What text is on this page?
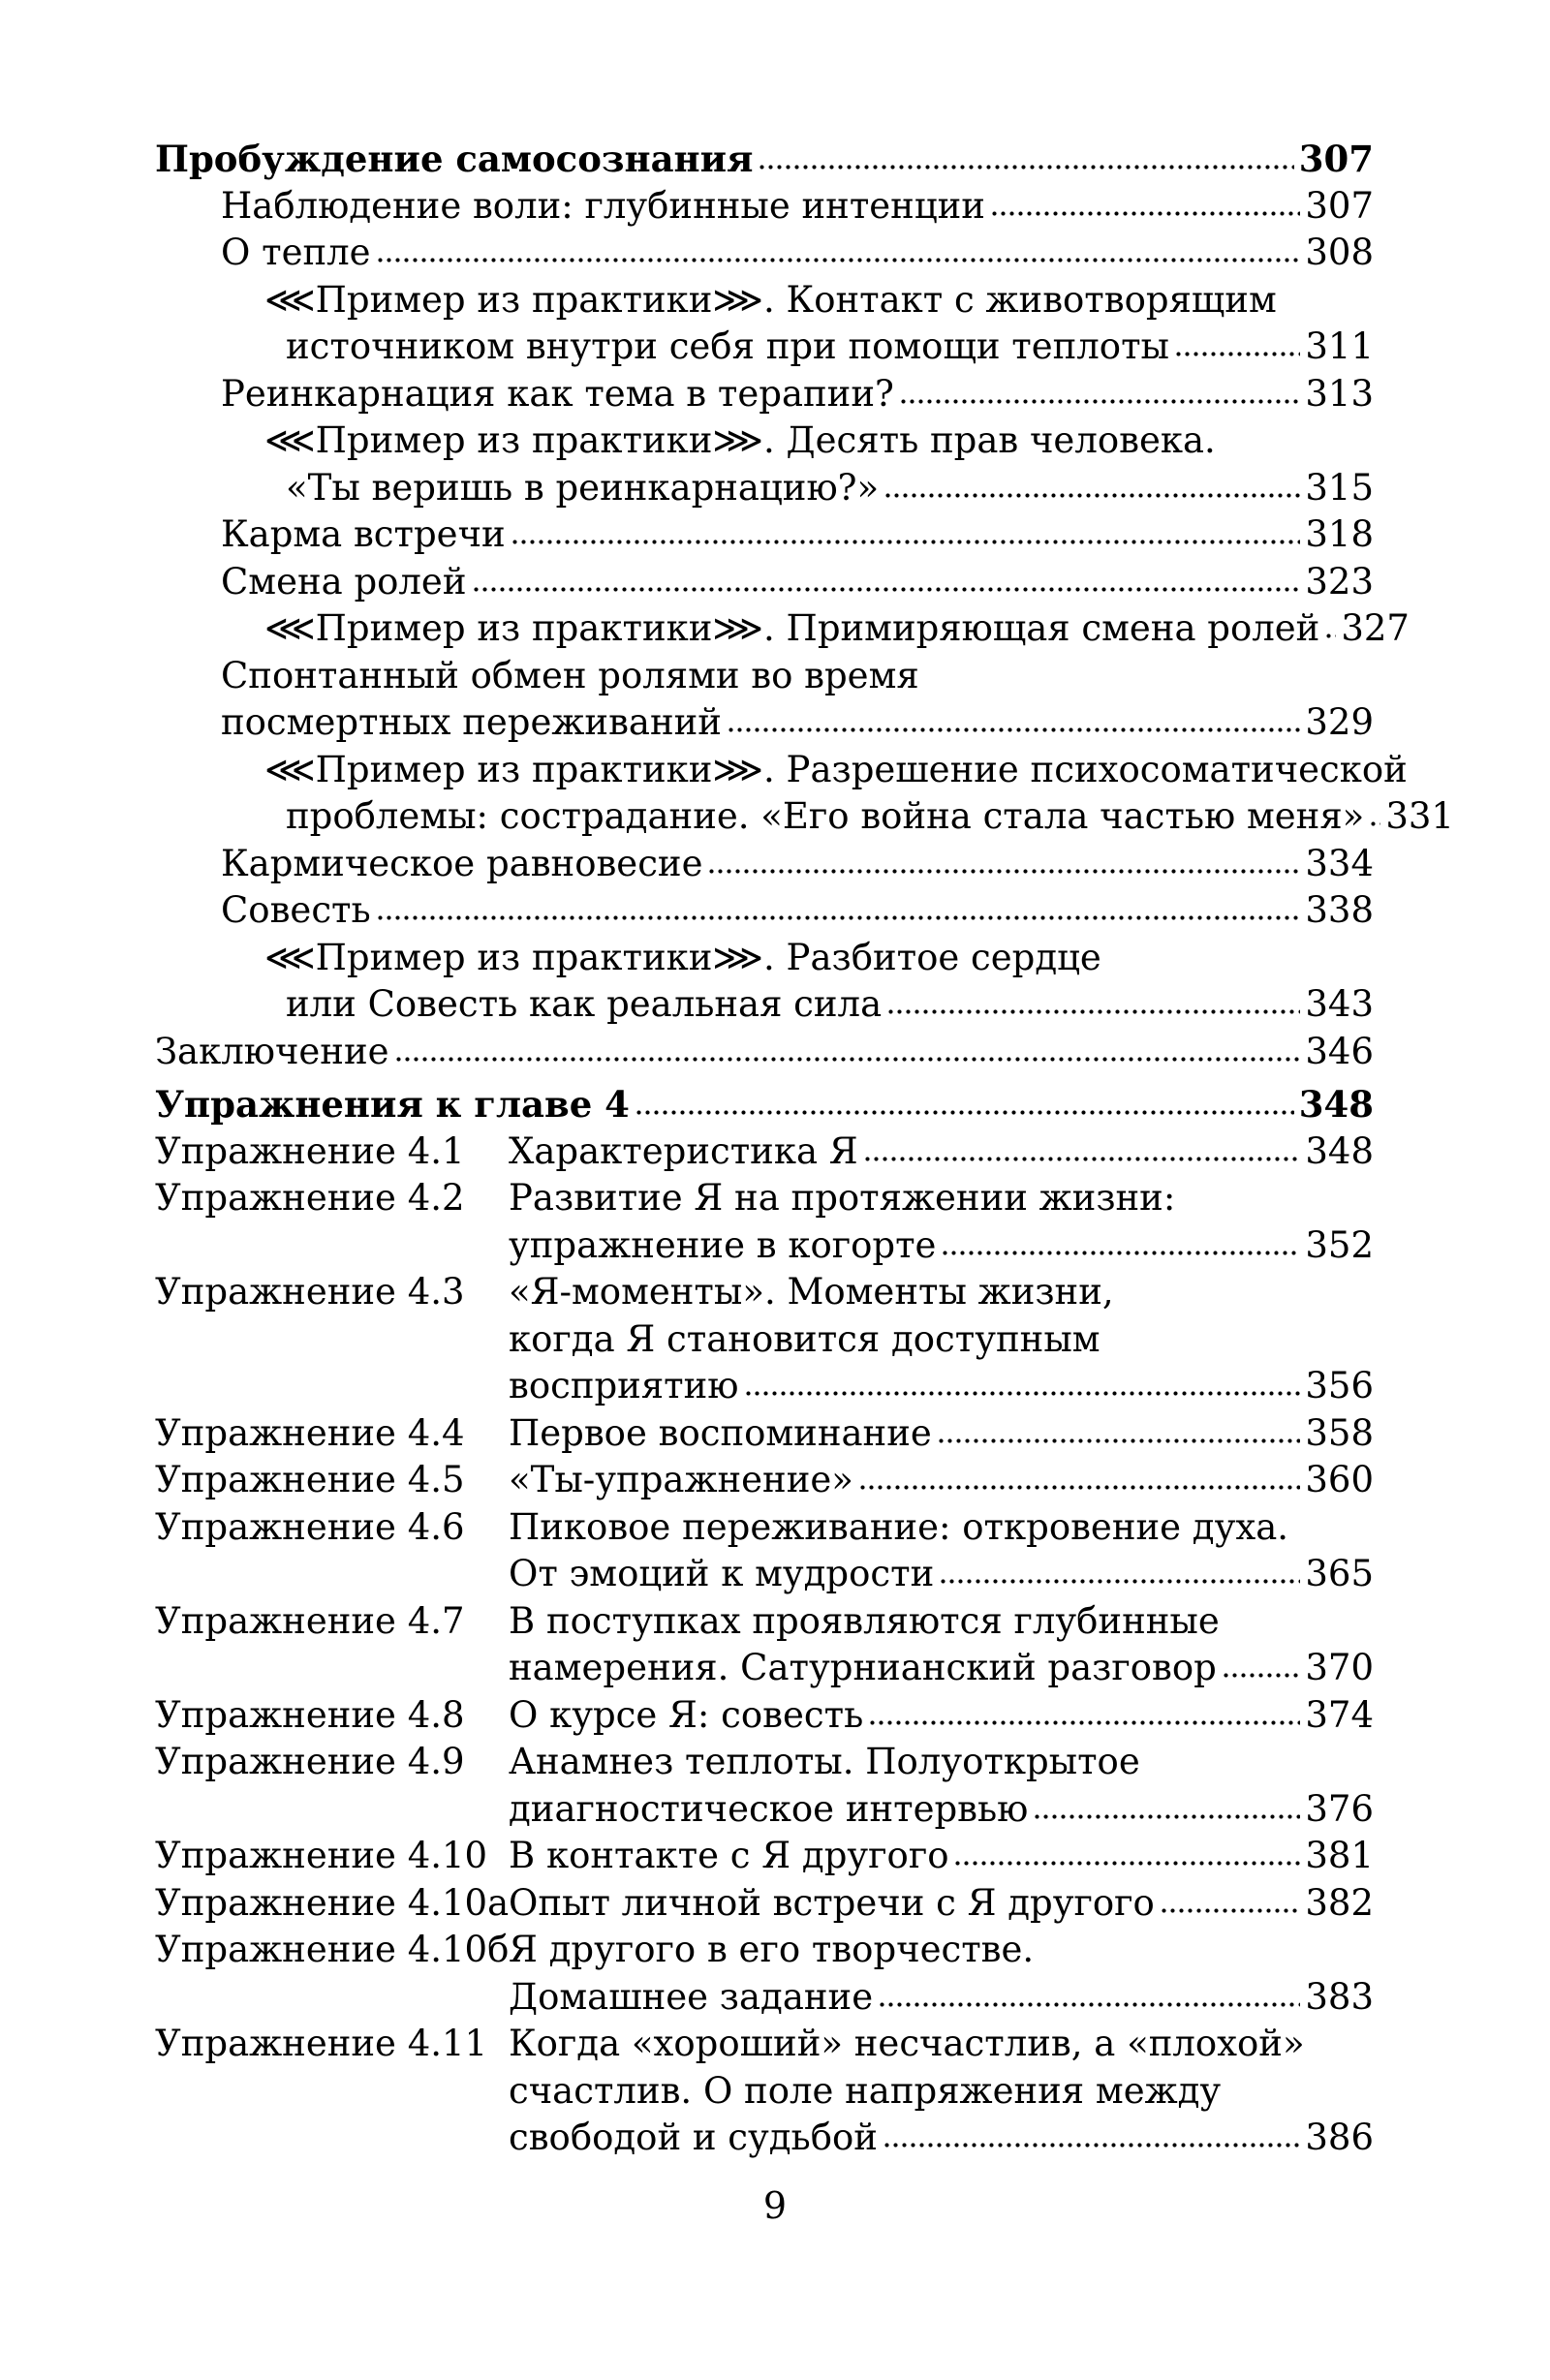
Пробуждение самосознания	307
Наблюдение воли: глубинные интенции	307
О тепле	308
⋘Пример из практики⋙. Контакт с животворящим
источником внутри себя при помощи теплоты	311
Реинкарнация как тема в терапии?	313
⋘Пример из практики⋙. Десять прав человека.
«Ты веришь в реинкарнацию?»	315
Карма встречи	318
Смена ролей	323
⋘Пример из практики⋙. Примиряющая смена ролей 327
Спонтанный обмен ролями во время
посмертных переживаний	329
⋘Пример из практики⋙. Разрешение психосоматической
проблемы: сострадание. «Его война стала частью меня» 331
Кармическое равновесие	334
Совесть	338
⋘Пример из практики⋙. Разбитое сердце
или Совесть как реальная сила	343
Заключение	346
Упражнения к главе 4	348
Упражнение 4.1 Характеристика Я	348
Упражнение 4.2 Развитие Я на протяжении жизни:
упражнение в когорте	352
Упражнение 4.3 «Я-моменты». Моменты жизни,
когда Я становится доступным
восприятию	356
Упражнение 4.4 Первое воспоминание	358
Упражнение 4.5 «Ты-упражнение»	360
Упражнение 4.6 Пиковое переживание: откровение духа.
От эмоций к мудрости	365
Упражнение 4.7 В поступках проявляются глубинные
намерения. Сатурнианский разговор 370
Упражнение 4.8 О курсе Я: совесть	374
Упражнение 4.9 Анамнез теплоты. Полуоткрытое
диагностическое интервью	376
Упражнение 4.10 В контакте с Я другого	381
Упражнение 4.10а Опыт личной встречи с Я другого	382
Упражнение 4.10б Я другого в его творчестве.
Домашнее задание	383
Упражнение 4.11 Когда «хороший» несчастлив, а «плохой»
счастлив. О поле напряжения между
свободой и судьбой	386
9
